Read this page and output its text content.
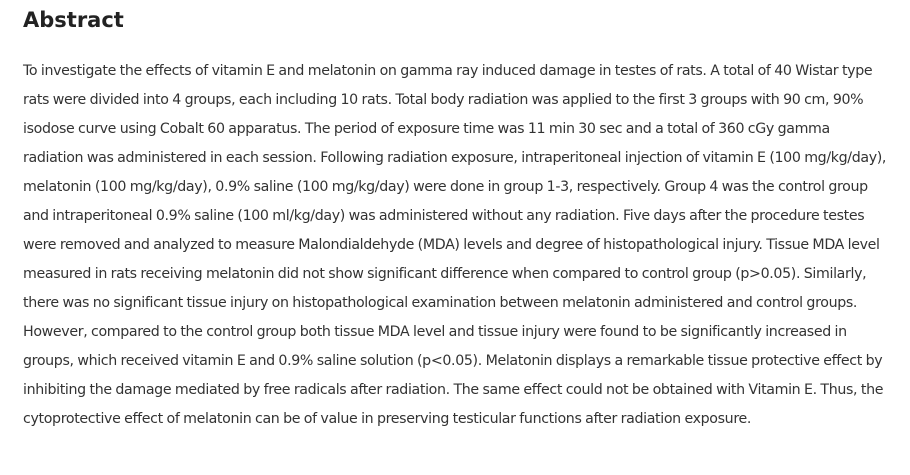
Abstract

To investigate the effects of vitamin E and melatonin on gamma ray induced damage in testes of rats. A total of 40 Wistar type rats were divided into 4 groups, each including 10 rats. Total body radiation was applied to the first 3 groups with 90 cm, 90% isodose curve using Cobalt 60 apparatus. The period of exposure time was 11 min 30 sec and a total of 360 cGy gamma radiation was administered in each session. Following radiation exposure, intraperitoneal injection of vitamin E (100 mg/kg/day), melatonin (100 mg/kg/day), 0.9% saline (100 mg/kg/day) were done in group 1-3, respectively. Group 4 was the control group and intraperitoneal 0.9% saline (100 ml/kg/day) was administered without any radiation. Five days after the procedure testes were removed and analyzed to measure Malondialdehyde (MDA) levels and degree of histopathological injury. Tissue MDA level measured in rats receiving melatonin did not show significant difference when compared to control group (p>0.05). Similarly, there was no significant tissue injury on histopathological examination between melatonin administered and control groups. However, compared to the control group both tissue MDA level and tissue injury were found to be significantly increased in groups, which received vitamin E and 0.9% saline solution (p<0.05). Melatonin displays a remarkable tissue protective effect by inhibiting the damage mediated by free radicals after radiation. The same effect could not be obtained with Vitamin E. Thus, the cytoprotective effect of melatonin can be of value in preserving testicular functions after radiation exposure.
